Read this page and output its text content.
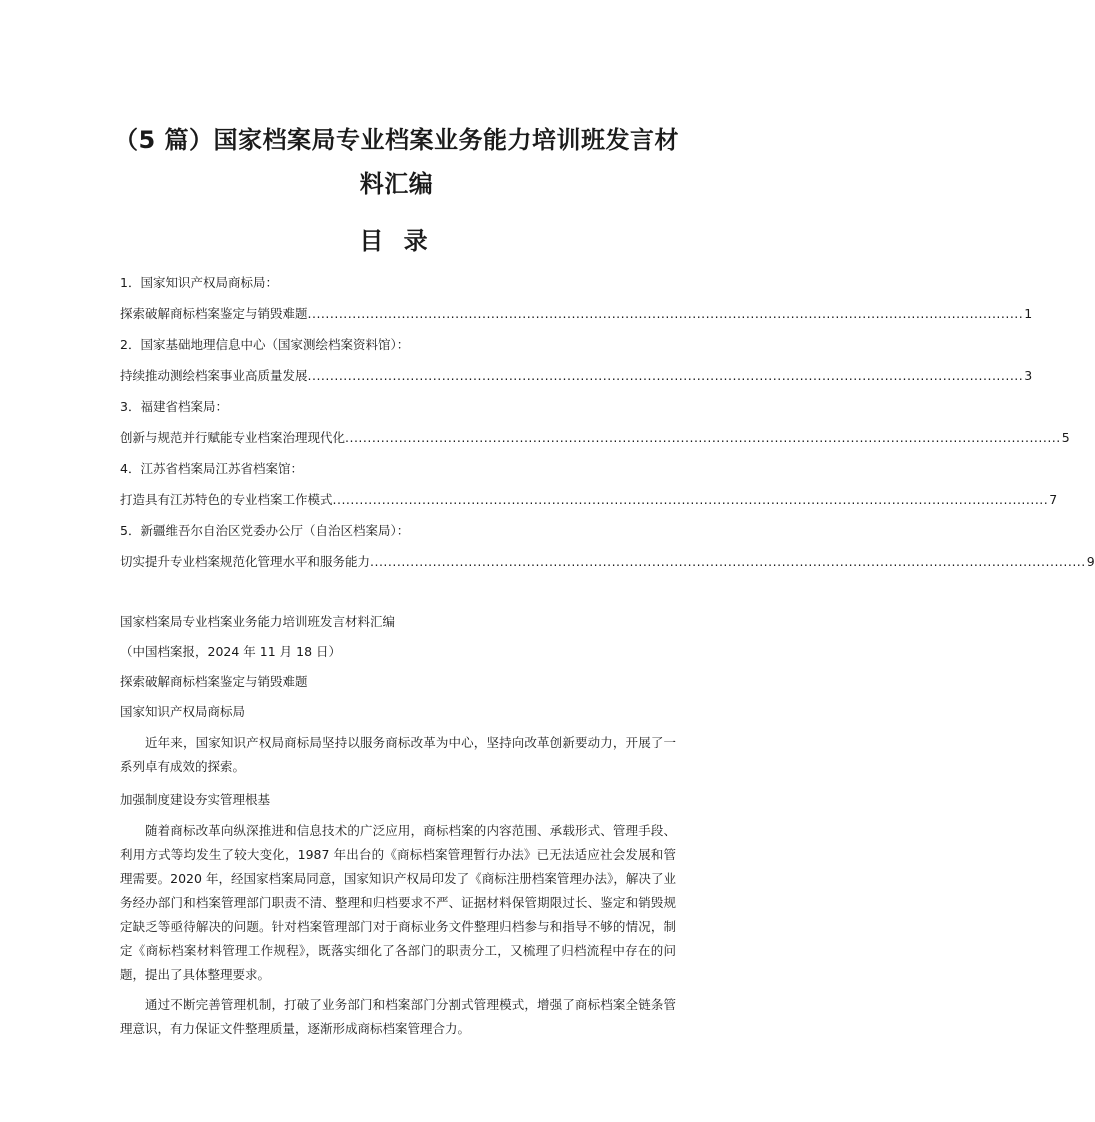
（5 篇）国家档案局专业档案业务能力培训班发言材料汇编
目 录
1．国家知识产权局商标局：
探索破解商标档案鉴定与销毁难题 ................................................................................................................................................................ 1
2．国家基础地理信息中心（国家测绘档案资料馆）：
持续推动测绘档案事业高质量发展 ................................................................................................................................................................ 3
3．福建省档案局：
创新与规范并行赋能专业档案治理现代化 ................................................................................................................................................................ 5
4．江苏省档案局江苏省档案馆：
打造具有江苏特色的专业档案工作模式 ................................................................................................................................................................ 7
5．新疆维吾尔自治区党委办公厅（自治区档案局）：
切实提升专业档案规范化管理水平和服务能力 ................................................................................................................................................................ 9

国家档案局专业档案业务能力培训班发言材料汇编

（中国档案报，2024 年 11 月 18 日）

探索破解商标档案鉴定与销毁难题

国家知识产权局商标局

近年来，国家知识产权局商标局坚持以服务商标改革为中心，坚持向改革创新要动力，开展了一系列卓有成效的探索。

加强制度建设夯实管理根基

随着商标改革向纵深推进和信息技术的广泛应用，商标档案的内容范围、承载形式、管理手段、利用方式等均发生了较大变化，1987 年出台的《商标档案管理暂行办法》已无法适应社会发展和管理需要。2020 年，经国家档案局同意，国家知识产权局印发了《商标注册档案管理办法》，解决了业务经办部门和档案管理部门职责不清、整理和归档要求不严、证据材料保管期限过长、鉴定和销毁规定缺乏等亟待解决的问题。针对档案管理部门对于商标业务文件整理归档参与和指导不够的情况，制定《商标档案材料管理工作规程》，既落实细化了各部门的职责分工，又梳理了归档流程中存在的问题，提出了具体整理要求。

通过不断完善管理机制，打破了业务部门和档案部门分割式管理模式，增强了商标档案全链条管理意识，有力保证文件整理质量，逐渐形成商标档案管理合力。
